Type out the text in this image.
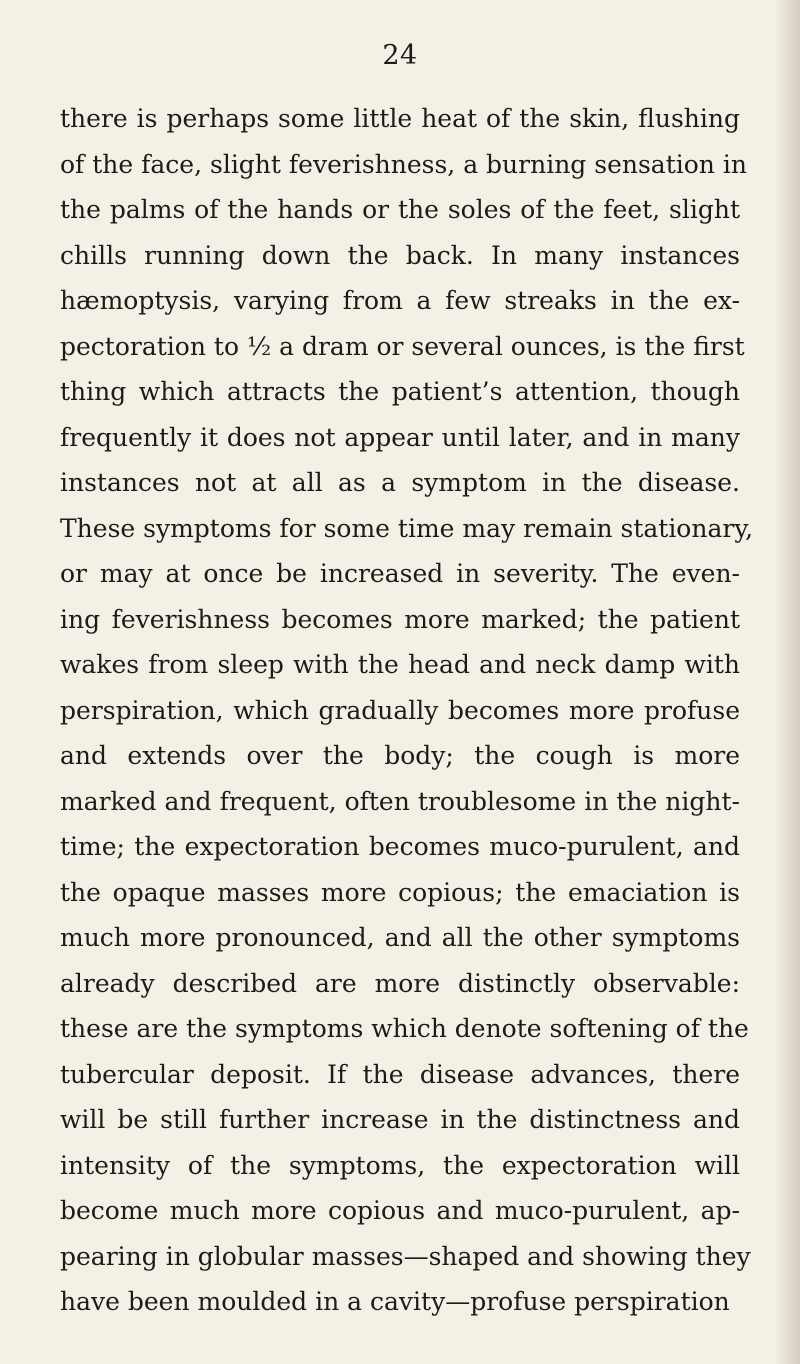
24
there is perhaps some little heat of the skin, flushing
of the face, slight feverishness, a burning sensation in
the palms of the hands or the soles of the feet, slight
chills running down the back. In many instances
hæmoptysis, varying from a few streaks in the ex-
pectoration to ½ a dram or several ounces, is the first
thing which attracts the patient’s attention, though
frequently it does not appear until later, and in many
instances not at all as a symptom in the disease.
These symptoms for some time may remain stationary,
or may at once be increased in severity. The even-
ing feverishness becomes more marked; the patient
wakes from sleep with the head and neck damp with
perspiration, which gradually becomes more profuse
and extends over the body; the cough is more
marked and frequent, often troublesome in the night-
time; the expectoration becomes muco-purulent, and
the opaque masses more copious; the emaciation is
much more pronounced, and all the other symptoms
already described are more distinctly observable:
these are the symptoms which denote softening of the
tubercular deposit. If the disease advances, there
will be still further increase in the distinctness and
intensity of the symptoms, the expectoration will
become much more copious and muco-purulent, ap-
pearing in globular masses—shaped and showing they
have been moulded in a cavity—profuse perspiration
